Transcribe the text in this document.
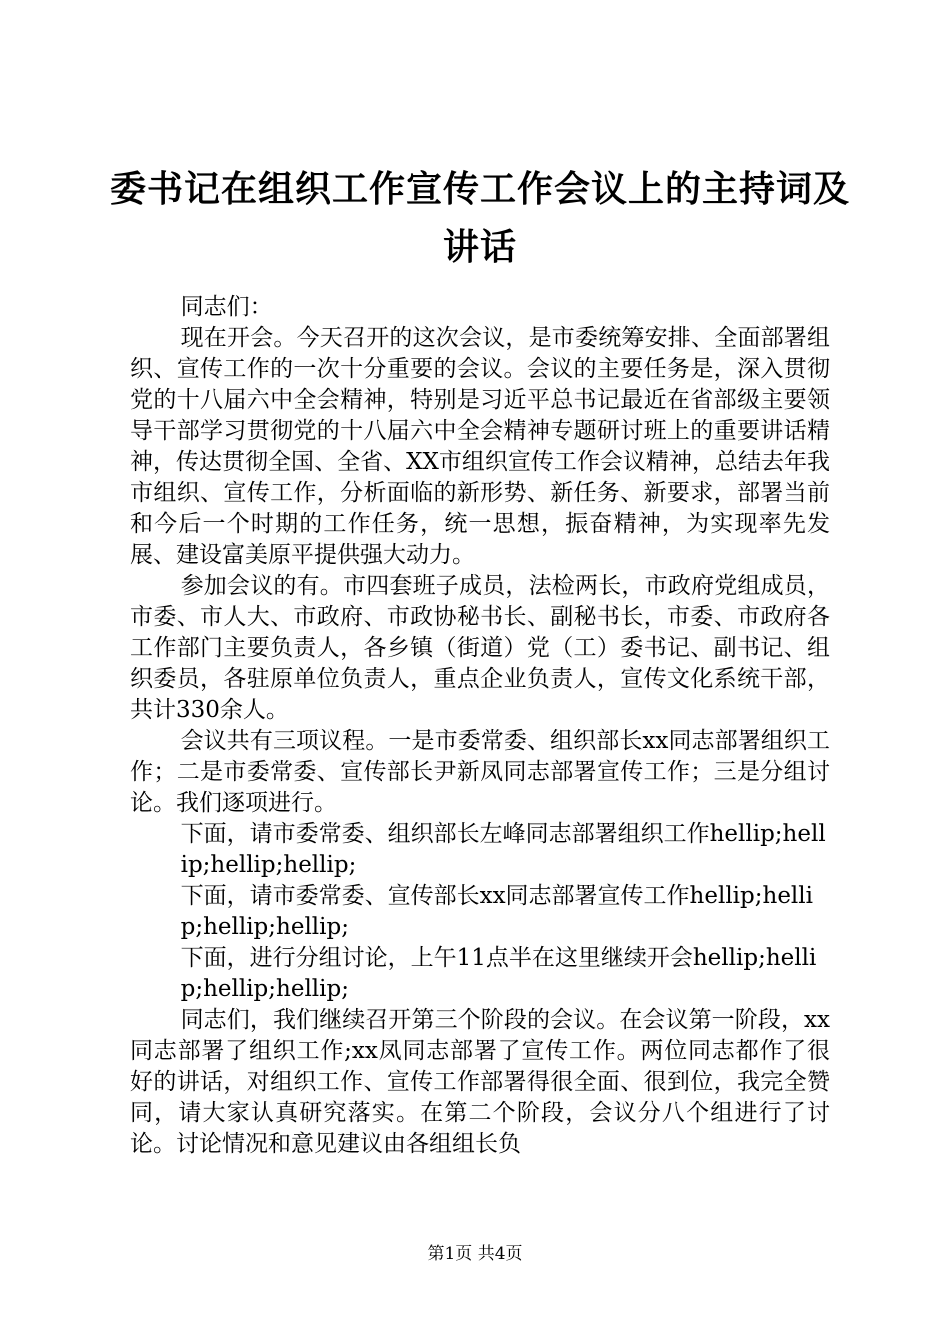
委书记在组织工作宣传工作会议上的主持词及讲话

同志们：

现在开会。今天召开的这次会议，是市委统筹安排、全面部署组织、宣传工作的一次十分重要的会议。会议的主要任务是，深入贯彻党的十八届六中全会精神，特别是习近平总书记最近在省部级主要领导干部学习贯彻党的十八届六中全会精神专题研讨班上的重要讲话精神，传达贯彻全国、全省、XX市组织宣传工作会议精神，总结去年我市组织、宣传工作，分析面临的新形势、新任务、新要求，部署当前和今后一个时期的工作任务，统一思想，振奋精神，为实现率先发展、建设富美原平提供强大动力。

参加会议的有。市四套班子成员，法检两长，市政府党组成员，市委、市人大、市政府、市政协秘书长、副秘书长，市委、市政府各工作部门主要负责人，各乡镇（街道）党（工）委书记、副书记、组织委员，各驻原单位负责人，重点企业负责人，宣传文化系统干部，共计330余人。

会议共有三项议程。一是市委常委、组织部长xx同志部署组织工作；二是市委常委、宣传部长尹新凤同志部署宣传工作；三是分组讨论。我们逐项进行。

下面，请市委常委、组织部长左峰同志部署组织工作hellip;hellip;hellip;hellip;

下面，请市委常委、宣传部长xx同志部署宣传工作hellip;hellip;hellip;hellip;

下面，进行分组讨论，上午11点半在这里继续开会hellip;hellip;hellip;hellip;

同志们，我们继续召开第三个阶段的会议。在会议第一阶段，xx同志部署了组织工作;xx凤同志部署了宣传工作。两位同志都作了很好的讲话，对组织工作、宣传工作部署得很全面、很到位，我完全赞同，请大家认真研究落实。在第二个阶段，会议分八个组进行了讨论。讨论情况和意见建议由各组组长负

第1页 共4页
